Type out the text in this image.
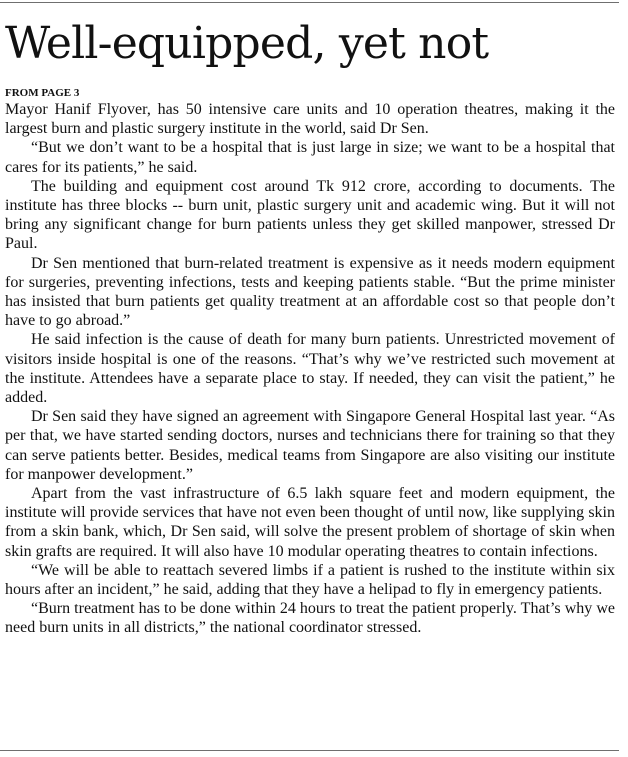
Well-equipped, yet not
FROM PAGE 3

Mayor Hanif Flyover, has 50 intensive care units and 10 operation theatres, making it the largest burn and plastic surgery institute in the world, said Dr Sen.

“But we don’t want to be a hospital that is just large in size; we want to be a hospital that cares for its patients,” he said.

The building and equipment cost around Tk 912 crore, according to documents. The institute has three blocks -- burn unit, plastic surgery unit and academic wing. But it will not bring any significant change for burn patients unless they get skilled manpower, stressed Dr Paul.

Dr Sen mentioned that burn-related treatment is expensive as it needs modern equipment for surgeries, preventing infections, tests and keeping patients stable. “But the prime minister has insisted that burn patients get quality treatment at an affordable cost so that people don’t have to go abroad.”

He said infection is the cause of death for many burn patients. Unrestricted movement of visitors inside hospital is one of the reasons. “That’s why we’ve restricted such movement at the institute. Attendees have a separate place to stay. If needed, they can visit the patient,” he added.

Dr Sen said they have signed an agreement with Singapore General Hospital last year. “As per that, we have started sending doctors, nurses and technicians there for training so that they can serve patients better. Besides, medical teams from Singapore are also visiting our institute for manpower development.”

Apart from the vast infrastructure of 6.5 lakh square feet and modern equipment, the institute will provide services that have not even been thought of until now, like supplying skin from a skin bank, which, Dr Sen said, will solve the present problem of shortage of skin when skin grafts are required. It will also have 10 modular operating theatres to contain infections.

“We will be able to reattach severed limbs if a patient is rushed to the institute within six hours after an incident,” he said, adding that they have a helipad to fly in emergency patients.

“Burn treatment has to be done within 24 hours to treat the patient properly. That’s why we need burn units in all districts,” the national coordinator stressed.
